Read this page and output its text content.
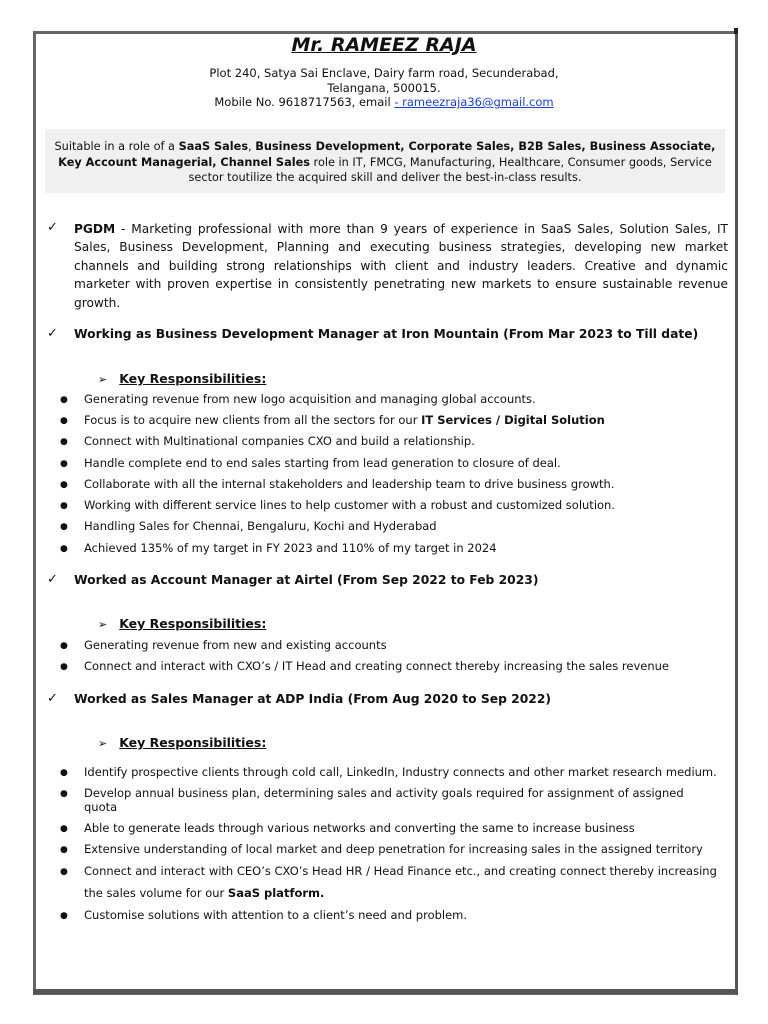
Mr. RAMEEZ RAJA
Plot 240, Satya Sai Enclave, Dairy farm road, Secunderabad,
Telangana, 500015.
Mobile No. 9618717563, email - rameezraja36@gmail.com
Suitable in a role of a SaaS Sales, Business Development, Corporate Sales, B2B Sales, Business Associate,
Key Account Managerial, Channel Sales role in IT, FMCG, Manufacturing, Healthcare, Consumer goods, Service
sector toutilize the acquired skill and deliver the best-in-class results.
✓ PGDM - Marketing professional with more than 9 years of experience in SaaS Sales, Solution Sales, IT Sales, Business Development, Planning and executing business strategies, developing new market channels and building strong relationships with client and industry leaders. Creative and dynamic marketer with proven expertise in consistently penetrating new markets to ensure sustainable revenue growth.
✓ Working as Business Development Manager at Iron Mountain (From Mar 2023 to Till date)
➢ Key Responsibilities:
● Generating revenue from new logo acquisition and managing global accounts.
● Focus is to acquire new clients from all the sectors for our IT Services / Digital Solution
● Connect with Multinational companies CXO and build a relationship.
● Handle complete end to end sales starting from lead generation to closure of deal.
● Collaborate with all the internal stakeholders and leadership team to drive business growth.
● Working with different service lines to help customer with a robust and customized solution.
● Handling Sales for Chennai, Bengaluru, Kochi and Hyderabad
● Achieved 135% of my target in FY 2023 and 110% of my target in 2024
✓ Worked as Account Manager at Airtel (From Sep 2022 to Feb 2023)
➢ Key Responsibilities:
● Generating revenue from new and existing accounts
● Connect and interact with CXO’s / IT Head and creating connect thereby increasing the sales revenue
✓ Worked as Sales Manager at ADP India (From Aug 2020 to Sep 2022)
➢ Key Responsibilities:
● Identify prospective clients through cold call, LinkedIn, Industry connects and other market research medium.
● Develop annual business plan, determining sales and activity goals required for assignment of assigned
quota
● Able to generate leads through various networks and converting the same to increase business
● Extensive understanding of local market and deep penetration for increasing sales in the assigned territory
● Connect and interact with CEO’s CXO’s Head HR / Head Finance etc., and creating connect thereby increasing
the sales volume for our SaaS platform.
● Customise solutions with attention to a client’s need and problem.
